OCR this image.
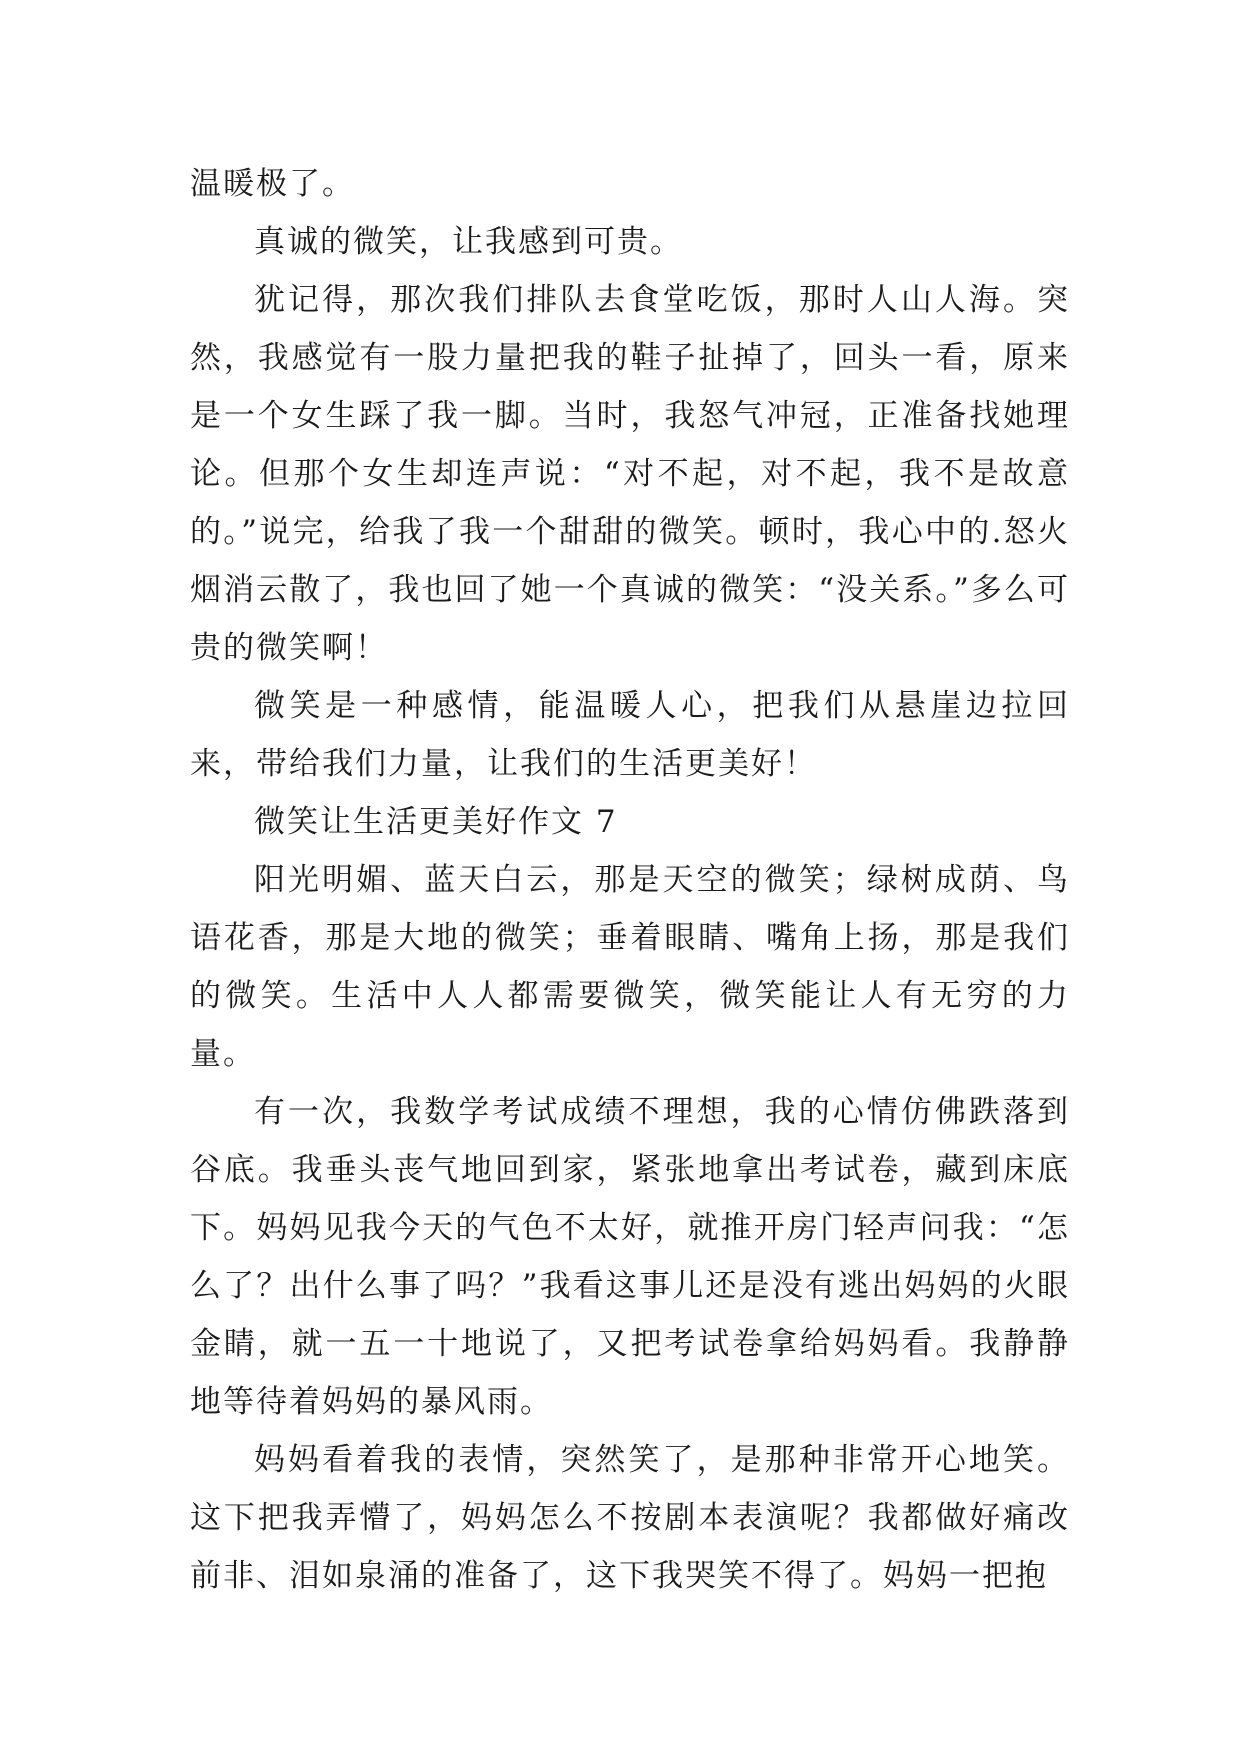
温暖极了。

真诚的微笑，让我感到可贵。

犹记得，那次我们排队去食堂吃饭，那时人山人海。突然，我感觉有一股力量把我的鞋子扯掉了，回头一看，原来是一个女生踩了我一脚。当时，我怒气冲冠，正准备找她理论。但那个女生却连声说：“对不起，对不起，我不是故意的。”说完，给我了我一个甜甜的微笑。顿时，我心中的.怒火烟消云散了，我也回了她一个真诚的微笑：“没关系。”多么可贵的微笑啊！

微笑是一种感情，能温暖人心，把我们从悬崖边拉回来，带给我们力量，让我们的生活更美好！

微笑让生活更美好作文 7

阳光明媚、蓝天白云，那是天空的微笑；绿树成荫、鸟语花香，那是大地的微笑；垂着眼睛、嘴角上扬，那是我们的微笑。生活中人人都需要微笑，微笑能让人有无穷的力量。

有一次，我数学考试成绩不理想，我的心情仿佛跌落到谷底。我垂头丧气地回到家，紧张地拿出考试卷，藏到床底下。妈妈见我今天的气色不太好，就推开房门轻声问我：“怎么了？出什么事了吗？”我看这事儿还是没有逃出妈妈的火眼金睛，就一五一十地说了，又把考试卷拿给妈妈看。我静静地等待着妈妈的暴风雨。

妈妈看着我的表情，突然笑了，是那种非常开心地笑。这下把我弄懵了，妈妈怎么不按剧本表演呢？我都做好痛改前非、泪如泉涌的准备了，这下我哭笑不得了。妈妈一把抱
